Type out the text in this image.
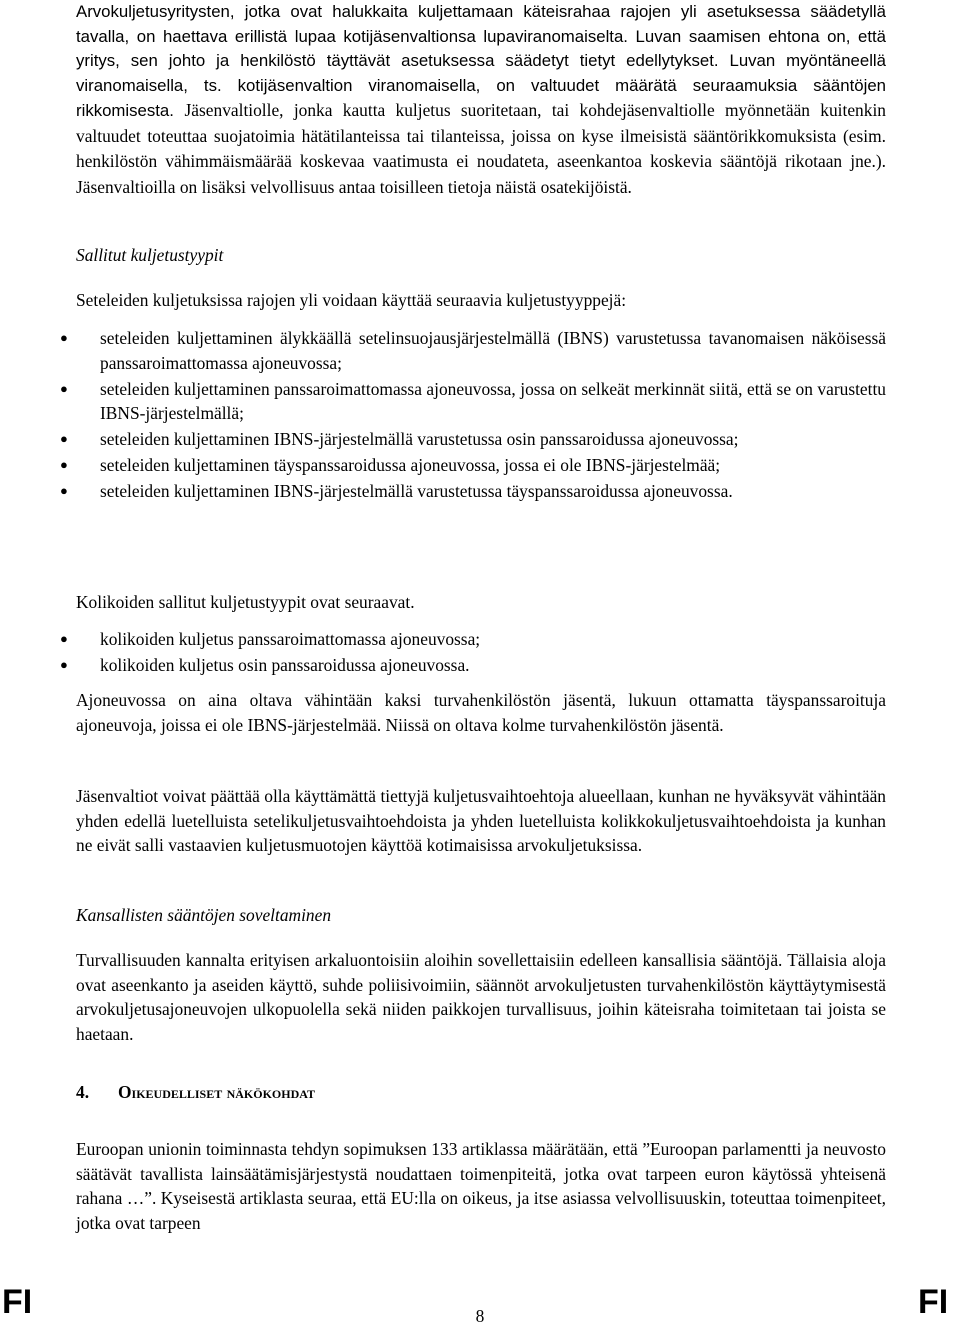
Arvokuljetusyritysten, jotka ovat halukkaita kuljettamaan käteisrahaa rajojen yli asetuksessa säädetyllä tavalla, on haettava erillistä lupaa kotijäsenvaltionsa lupaviranomaiselta. Luvan saamisen ehtona on, että yritys, sen johto ja henkilöstö täyttävät asetuksessa säädetyt tietyt edellytykset. Luvan myöntäneellä viranomaisella, ts. kotijäsenvaltion viranomaisella, on valtuudet määrätä seuraamuksia sääntöjen rikkomisesta. Jäsenvaltiolle, jonka kautta kuljetus suoritetaan, tai kohdejäsenvaltiolle myönnetään kuitenkin valtuudet toteuttaa suojatoimia hätätilanteissa tai tilanteissa, joissa on kyse ilmeisistä sääntörikkomuksista (esim. henkilöstön vähimmäismäärää koskevaa vaatimusta ei noudateta, aseenkantoa koskevia sääntöjä rikotaan jne.). Jäsenvaltioilla on lisäksi velvollisuus antaa toisilleen tietoja näistä osatekijöistä.

Sallitut kuljetustyypit

Seteleiden kuljetuksissa rajojen yli voidaan käyttää seuraavia kuljetustyyppejä:

● seteleiden kuljettaminen älykkäällä setelinsuojausjärjestelmällä (IBNS) varustetussa tavanomaisen näköisessä panssaroimattomassa ajoneuvossa;
● seteleiden kuljettaminen panssaroimattomassa ajoneuvossa, jossa on selkeät merkinnät siitä, että se on varustettu IBNS-järjestelmällä;
● seteleiden kuljettaminen IBNS-järjestelmällä varustetussa osin panssaroidussa ajoneuvossa;
● seteleiden kuljettaminen täyspanssaroidussa ajoneuvossa, jossa ei ole IBNS-järjestelmää;
● seteleiden kuljettaminen IBNS-järjestelmällä varustetussa täyspanssaroidussa ajoneuvossa.

Kolikoiden sallitut kuljetustyypit ovat seuraavat.

● kolikoiden kuljetus panssaroimattomassa ajoneuvossa;
● kolikoiden kuljetus osin panssaroidussa ajoneuvossa.

Ajoneuvossa on aina oltava vähintään kaksi turvahenkilöstön jäsentä, lukuun ottamatta täyspanssaroituja ajoneuvoja, joissa ei ole IBNS-järjestelmää. Niissä on oltava kolme turvahenkilöstön jäsentä.

Jäsenvaltiot voivat päättää olla käyttämättä tiettyjä kuljetusvaihtoehtoja alueellaan, kunhan ne hyväksyvät vähintään yhden edellä luetelluista setelikuljetusvaihtoehdoista ja yhden luetelluista kolikkokuljetusvaihtoehdoista ja kunhan ne eivät salli vastaavien kuljetusmuotojen käyttöä kotimaisissa arvokuljetuksissa.

Kansallisten sääntöjen soveltaminen

Turvallisuuden kannalta erityisen arkaluontoisiin aloihin sovellettaisiin edelleen kansallisia sääntöjä. Tällaisia aloja ovat aseenkanto ja aseiden käyttö, suhde poliisivoimiin, säännöt arvokuljetusten turvahenkilöstön käyttäytymisestä arvokuljetusajoneuvojen ulkopuolella sekä niiden paikkojen turvallisuus, joihin käteisraha toimitetaan tai joista se haetaan.

4. Oikeudelliset näkökohdat

Euroopan unionin toiminnasta tehdyn sopimuksen 133 artiklassa määrätään, että ”Euroopan parlamentti ja neuvosto säätävät tavallista lainsäätämisjärjestystä noudattaen toimenpiteitä, jotka ovat tarpeen euron käytössä yhteisenä rahana …”. Kyseisestä artiklasta seuraa, että EU:lla on oikeus, ja itse asiassa velvollisuuskin, toteuttaa toimenpiteet, jotka ovat tarpeen

FI	FI
8
